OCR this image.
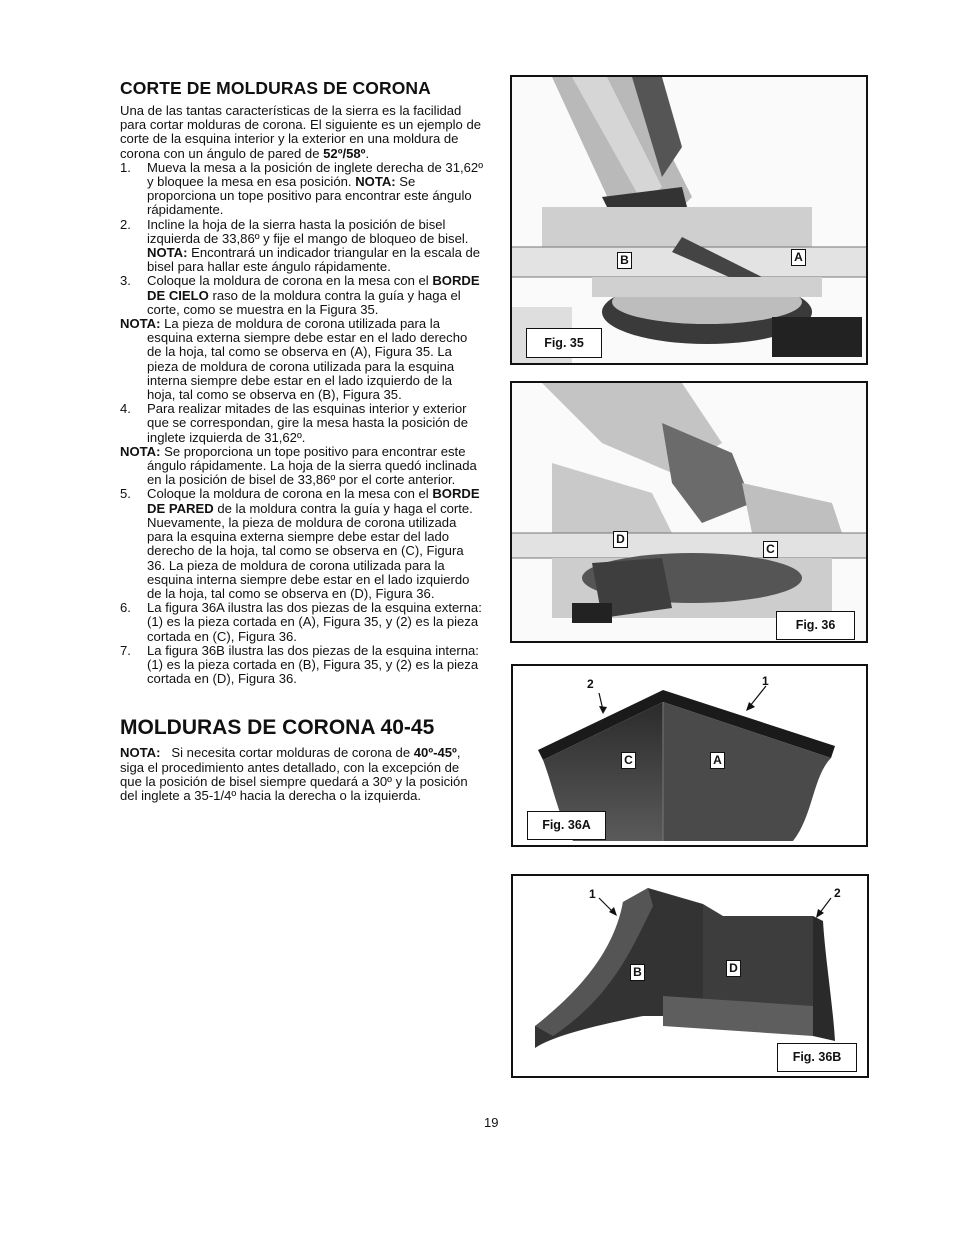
CORTE DE MOLDURAS DE CORONA

Una de las tantas características de la sierra es la facilidad para cortar molduras de corona. El siguiente es un ejemplo de corte de la esquina interior y la exterior en una moldura de corona con un ángulo de pared de 52º/58º.

1. Mueva la mesa a la posición de inglete derecha de 31,62º y bloquee la mesa en esa posición. NOTA: Se proporciona un tope positivo para encontrar este ángulo rápidamente.
2. Incline la hoja de la sierra hasta la posición de bisel izquierda de 33,86º y fije el mango de bloqueo de bisel. NOTA: Encontrará un indicador triangular en la escala de bisel para hallar este ángulo rápidamente.
3. Coloque la moldura de corona en la mesa con el BORDE DE CIELO raso de la moldura contra la guía y haga el corte, como se muestra en la Figura 35.
NOTA: La pieza de moldura de corona utilizada para la esquina externa siempre debe estar en el lado derecho de la hoja, tal como se observa en (A), Figura 35. La pieza de moldura de corona utilizada para la esquina interna siempre debe estar en el lado izquierdo de la hoja, tal como se observa en (B), Figura 35.
4. Para realizar mitades de las esquinas interior y exterior que se correspondan, gire la mesa hasta la posición de inglete izquierda de 31,62º.
NOTA: Se proporciona un tope positivo para encontrar este ángulo rápidamente. La hoja de la sierra quedó inclinada en la posición de bisel de 33,86º por el corte anterior.
5. Coloque la moldura de corona en la mesa con el BORDE DE PARED de la moldura contra la guía y haga el corte. Nuevamente, la pieza de moldura de corona utilizada para la esquina externa siempre debe estar del lado derecho de la hoja, tal como se observa en (C), Figura 36. La pieza de moldura de corona utilizada para la esquina interna siempre debe estar en el lado izquierdo de la hoja, tal como se observa en (D), Figura 36.
6. La figura 36A ilustra las dos piezas de la esquina externa: (1) es la pieza cortada en (A), Figura 35, y (2) es la pieza cortada en (C), Figura 36.
7. La figura 36B ilustra las dos piezas de la esquina interna: (1) es la pieza cortada en (B), Figura 35, y (2) es la pieza cortada en (D), Figura 36.
MOLDURAS DE CORONA 40-45

NOTA:   Si necesita cortar molduras de corona de 40º-45º, siga el procedimiento antes detallado, con la excepción de que la posición de bisel siempre quedará a 30º y la posición del inglete a 35-1/4º hacia la derecha o la izquierda.

B	A
Fig. 35
D
C
Fig. 36
2	1
C	A
Fig. 36A
1	2
B	D
Fig. 36B
19
